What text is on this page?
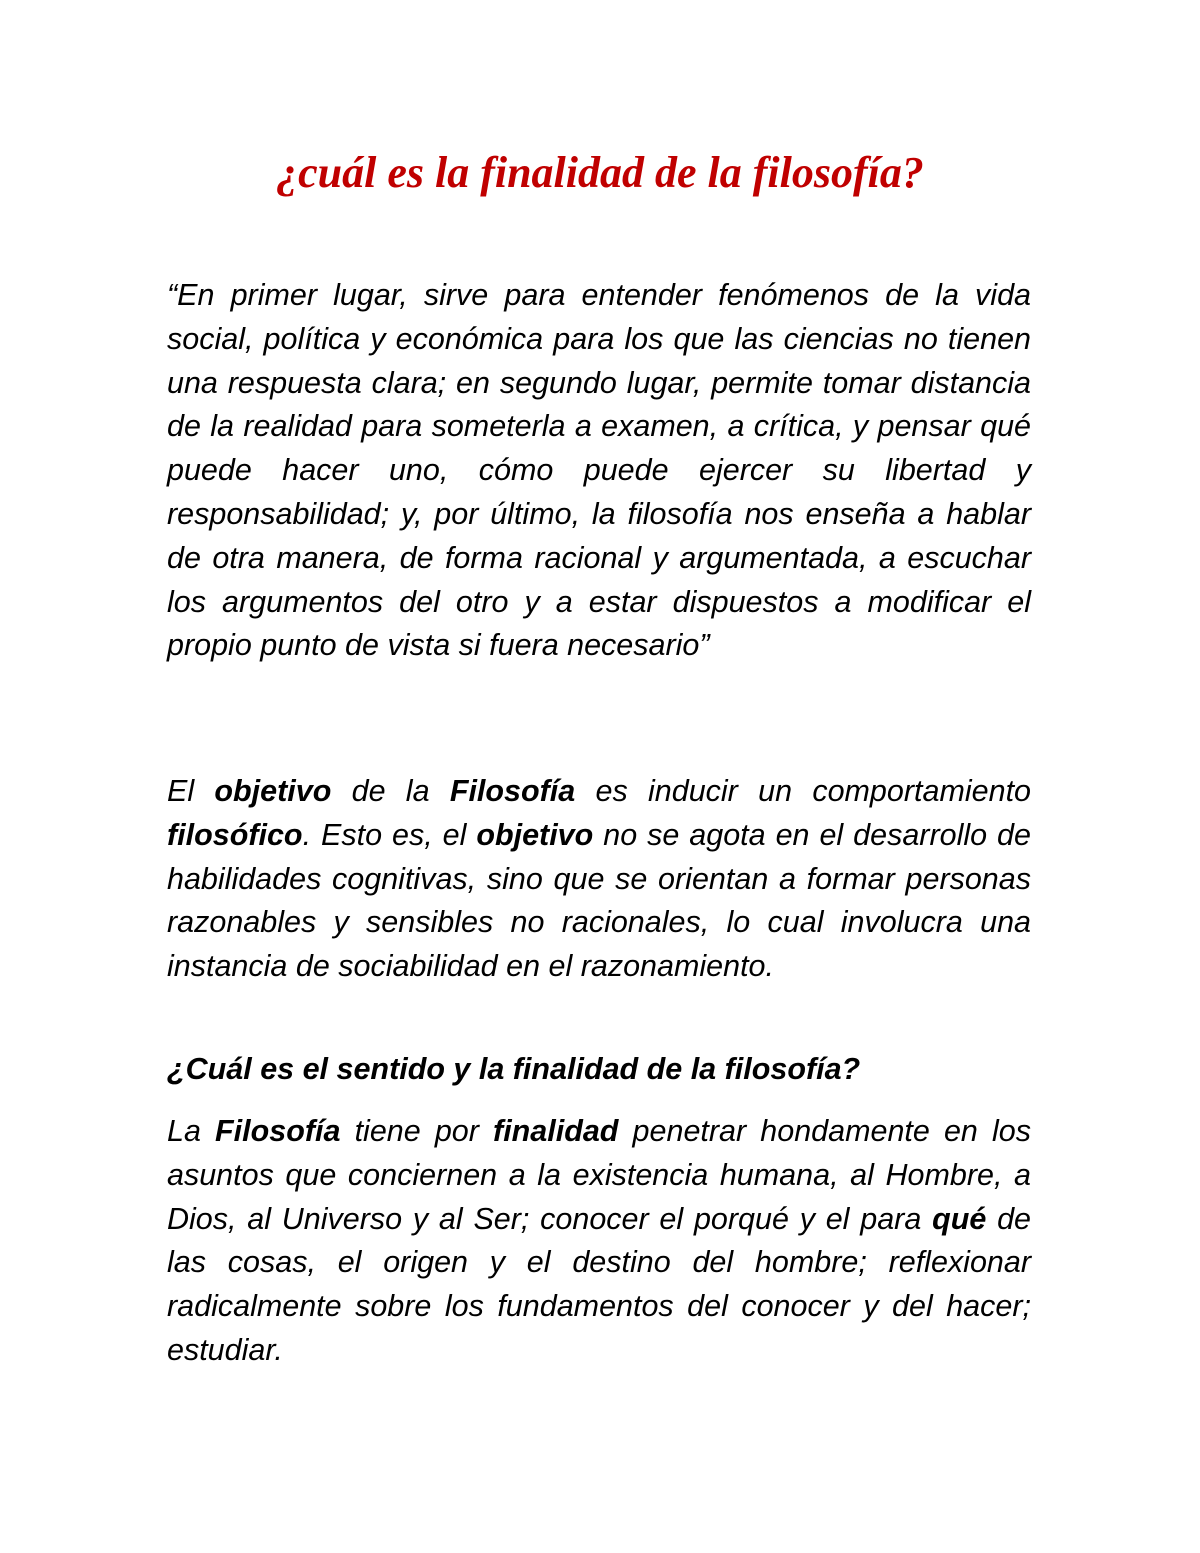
¿cuál es la finalidad de la filosofía?

“En primer lugar, sirve para entender fenómenos de la vida social, política y económica para los que las ciencias no tienen una respuesta clara; en segundo lugar, permite tomar distancia de la realidad para someterla a examen, a crítica, y pensar qué puede hacer uno, cómo puede ejercer su libertad y responsabilidad; y, por último, la filosofía nos enseña a hablar de otra manera, de forma racional y argumentada, a escuchar los argumentos del otro y a estar dispuestos a modificar el propio punto de vista si fuera necesario”

El objetivo de la Filosofía es inducir un comportamiento filosófico. Esto es, el objetivo no se agota en el desarrollo de habilidades cognitivas, sino que se orientan a formar personas razonables y sensibles no racionales, lo cual involucra una instancia de sociabilidad en el razonamiento.

¿Cuál es el sentido y la finalidad de la filosofía?

La Filosofía tiene por finalidad penetrar hondamente en los asuntos que conciernen a la existencia humana, al Hombre, a Dios, al Universo y al Ser; conocer el porqué y el para qué de las cosas, el origen y el destino del hombre; reflexionar radicalmente sobre los fundamentos del conocer y del hacer; estudiar.
